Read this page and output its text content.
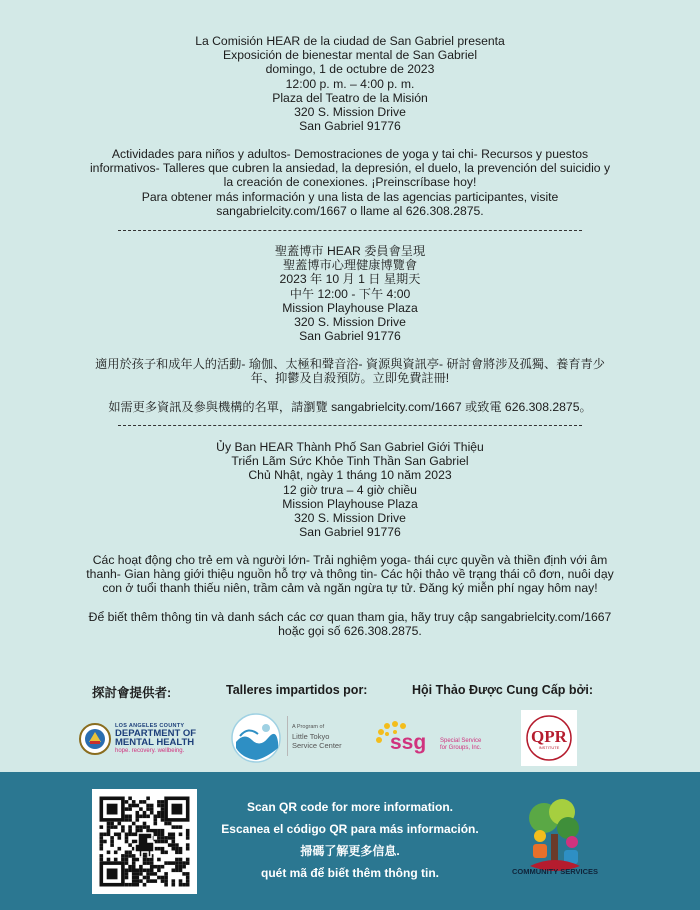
La Comisión HEAR de la ciudad de San Gabriel presenta

Exposición de bienestar mental de San Gabriel

domingo, 1 de octubre de 2023

12:00 p. m. – 4:00 p. m.

Plaza del Teatro de la Misión

320 S. Mission Drive

San Gabriel 91776

Actividades para niños y adultos- Demostraciones de yoga y tai chi- Recursos y puestos

informativos- Talleres que cubren la ansiedad, la depresión, el duelo, la prevención del suicidio y

la creación de conexiones. ¡Preinscríbase hoy!

Para obtener más información y una lista de las agencias participantes, visite

sangabrielcity.com/1667 o llame al 626.308.2875.

聖蓋博市 HEAR 委員會呈現

聖蓋博市心理健康博覽會

2023 年 10 月 1 日 星期天

中午 12:00 - 下午 4:00

Mission Playhouse Plaza

320 S. Mission Drive

San Gabriel 91776

適用於孩子和成年人的活動- 瑜伽、太極和聲音浴- 資源與資訊亭- 研討會將涉及孤獨、養育青少

年、抑鬱及自殺預防。立即免費註冊!

如需更多資訊及參與機構的名單，請瀏覽 sangabrielcity.com/1667 或致電 626.308.2875。

Ủy Ban HEAR Thành Phố San Gabriel Giới Thiệu

Triển Lãm Sức Khỏe Tinh Thần San Gabriel

Chủ Nhật, ngày 1 tháng 10 năm 2023

12 giờ trưa – 4 giờ chiều

Mission Playhouse Plaza

320 S. Mission Drive

San Gabriel 91776

Các hoạt động cho trẻ em và người lớn- Trải nghiệm yoga- thái cực quyền và thiền định với âm

thanh- Gian hàng giới thiệu nguồn hỗ trợ và thông tin- Các hội thảo về trạng thái cô đơn, nuôi dạy

con ở tuổi thanh thiếu niên, trầm cảm và ngăn ngừa tự tử. Đăng ký miễn phí ngay hôm nay!

Để biết thêm thông tin và danh sách các cơ quan tham gia, hãy truy cập sangabrielcity.com/1667

hoặc gọi số 626.308.2875.

探討會提供者:	Talleres impartidos por:	Hội Thảo Được Cung Cấp bởi:
LOS ANGELES COUNTY
DEPARTMENT OF
MENTAL HEALTH
hope. recovery. wellbeing.
A Program of
Little Tokyo
Service Center ssg Special Service
for Groups, Inc.
QPR
INSTITUTE

Scan QR code for more information.

Escanea el código QR para más información.

掃碼了解更多信息.

quét mã để biết thêm thông tin.	COMMUNITY SERVICES
